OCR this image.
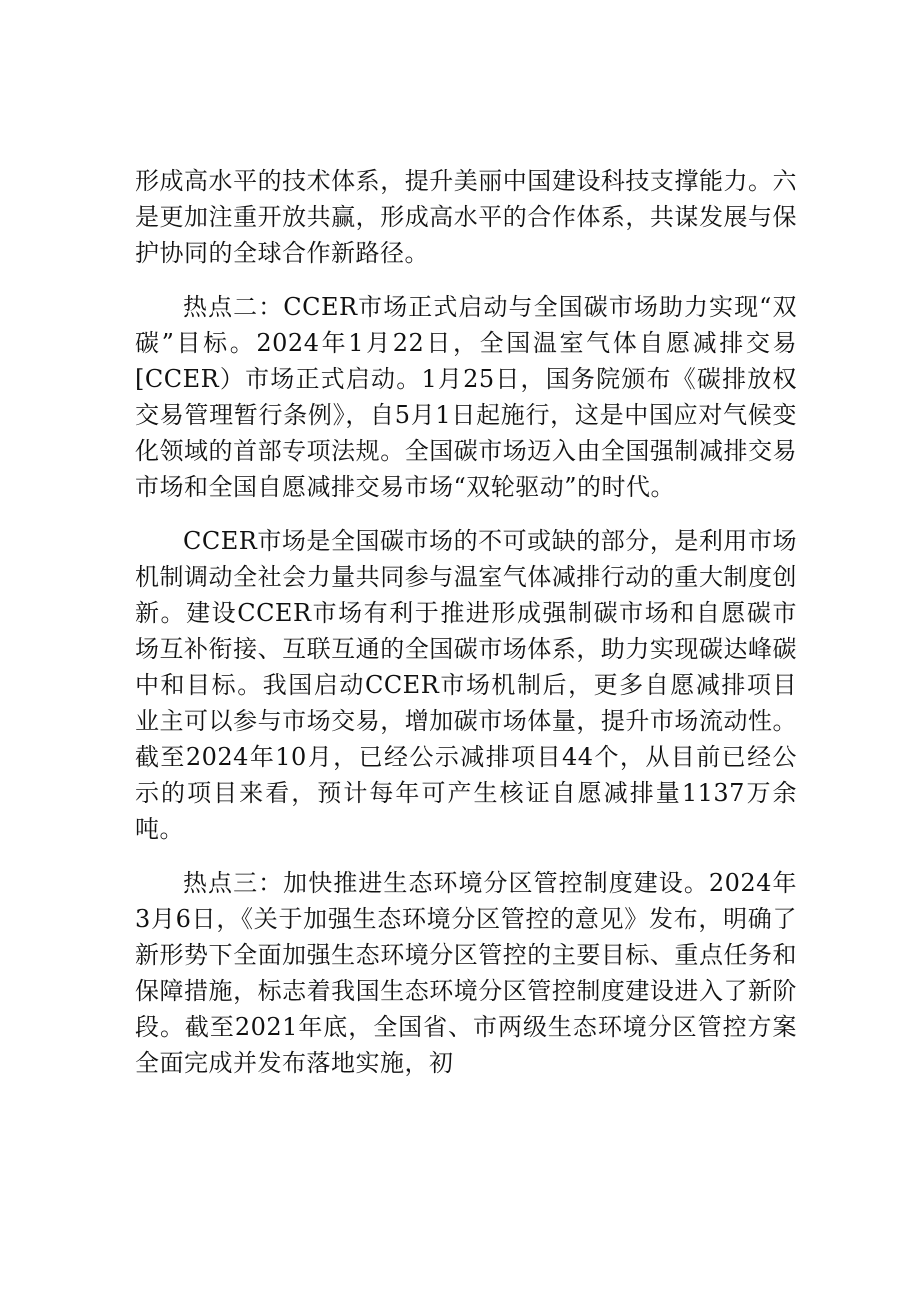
形成高水平的技术体系，提升美丽中国建设科技支撑能力。六是更加注重开放共赢，形成高水平的合作体系，共谋发展与保护协同的全球合作新路径。

热点二：CCER市场正式启动与全国碳市场助力实现“双碳”目标。2024年1月22日，全国温室气体自愿减排交易[CCER）市场正式启动。1月25日，国务院颁布《碳排放权交易管理暂行条例》，自5月1日起施行，这是中国应对气候变化领域的首部专项法规。全国碳市场迈入由全国强制减排交易市场和全国自愿减排交易市场“双轮驱动”的时代。

CCER市场是全国碳市场的不可或缺的部分，是利用市场机制调动全社会力量共同参与温室气体减排行动的重大制度创新。建设CCER市场有利于推进形成强制碳市场和自愿碳市场互补衔接、互联互通的全国碳市场体系，助力实现碳达峰碳中和目标。我国启动CCER市场机制后，更多自愿减排项目业主可以参与市场交易，增加碳市场体量，提升市场流动性。截至2024年10月，已经公示减排项目44个，从目前已经公示的项目来看，预计每年可产生核证自愿减排量1137万余吨。

热点三：加快推进生态环境分区管控制度建设。2024年3月6日，《关于加强生态环境分区管控的意见》发布，明确了新形势下全面加强生态环境分区管控的主要目标、重点任务和保障措施，标志着我国生态环境分区管控制度建设进入了新阶段。截至2021年底，全国省、市两级生态环境分区管控方案全面完成并发布落地实施，初
